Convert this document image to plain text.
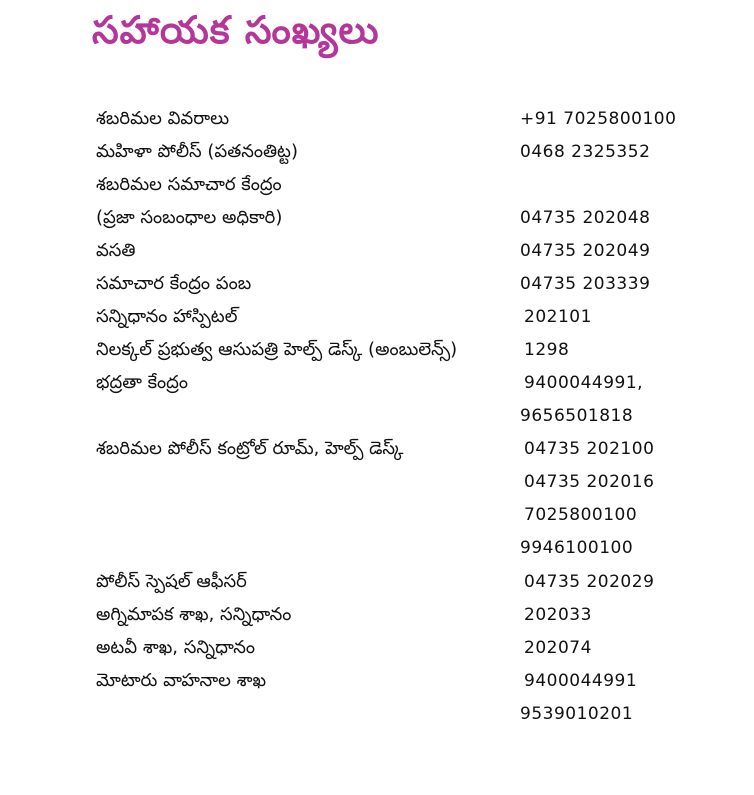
సహాయక సంఖ్యలు
శబరిమల వివరాలు	+91 7025800100
మహిళా పోలీస్ (పతనంతిట్ట)	0468 2325352
శబరిమల సమాచార కేంద్రం
(ప్రజా సంబంధాల అధికారి)	04735 202048
వసతి	04735 202049
సమాచార కేంద్రం పంబ	04735 203339
సన్నిధానం హాస్పిటల్	202101
నిలక్కల్ ప్రభుత్వ ఆసుపత్రి హెల్ప్ డెస్క్ (అంబులెన్స్)	1298
భద్రతా కేంద్రం	9400044991,
9656501818
శబరిమల పోలీస్ కంట్రోల్ రూమ్, హెల్ప్ డెస్క్	04735 202100
04735 202016
7025800100
9946100100
పోలీస్ స్పెషల్ ఆఫీసర్	04735 202029
అగ్నిమాపక శాఖ, సన్నిధానం	202033
అటవీ శాఖ, సన్నిధానం	202074
మోటారు వాహనాల శాఖ	9400044991
9539010201
